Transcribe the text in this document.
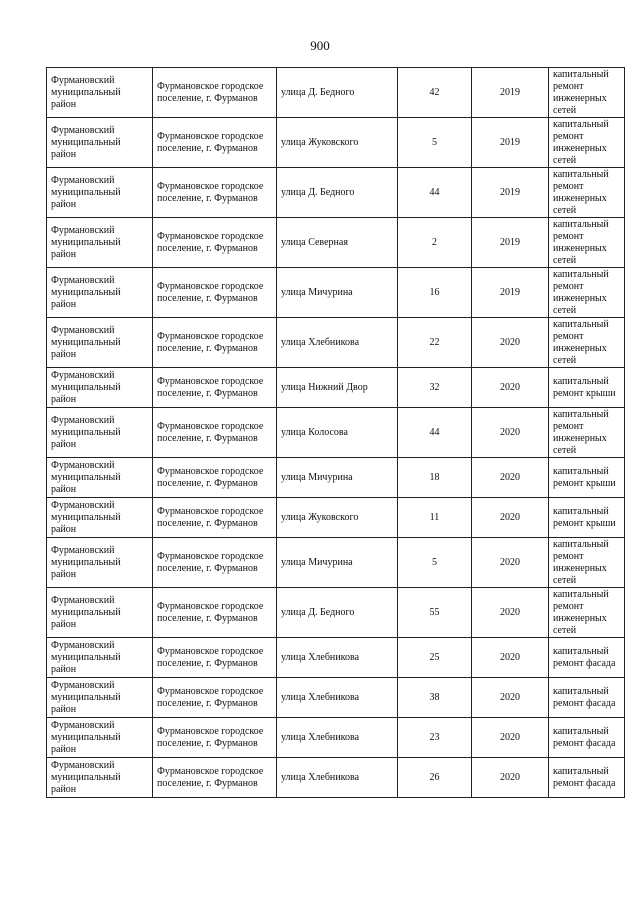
900
Фурмановский муниципальный район	Фурмановское городское поселение, г. Фурманов	улица Д. Бедного	42	2019	капитальный ремонт инженерных сетей
Фурмановский муниципальный район	Фурмановское городское поселение, г. Фурманов	улица Жуковского	5	2019	капитальный ремонт инженерных сетей
Фурмановский муниципальный район	Фурмановское городское поселение, г. Фурманов	улица Д. Бедного	44	2019	капитальный ремонт инженерных сетей
Фурмановский муниципальный район	Фурмановское городское поселение, г. Фурманов	улица Северная	2	2019	капитальный ремонт инженерных сетей
Фурмановский муниципальный район	Фурмановское городское поселение, г. Фурманов	улица Мичурина	16	2019	капитальный ремонт инженерных сетей
Фурмановский муниципальный район	Фурмановское городское поселение, г. Фурманов	улица Хлебникова	22	2020	капитальный ремонт инженерных сетей
Фурмановский муниципальный район	Фурмановское городское поселение, г. Фурманов	улица Нижний Двор	32	2020	капитальный ремонт крыши
Фурмановский муниципальный район	Фурмановское городское поселение, г. Фурманов	улица Колосова	44	2020	капитальный ремонт инженерных сетей
Фурмановский муниципальный район	Фурмановское городское поселение, г. Фурманов	улица Мичурина	18	2020	капитальный ремонт крыши
Фурмановский муниципальный район	Фурмановское городское поселение, г. Фурманов	улица Жуковского	11	2020	капитальный ремонт крыши
Фурмановский муниципальный район	Фурмановское городское поселение, г. Фурманов	улица Мичурина	5	2020	капитальный ремонт инженерных сетей
Фурмановский муниципальный район	Фурмановское городское поселение, г. Фурманов	улица Д. Бедного	55	2020	капитальный ремонт инженерных сетей
Фурмановский муниципальный район	Фурмановское городское поселение, г. Фурманов	улица Хлебникова	25	2020	капитальный ремонт фасада
Фурмановский муниципальный район	Фурмановское городское поселение, г. Фурманов	улица Хлебникова	38	2020	капитальный ремонт фасада
Фурмановский муниципальный район	Фурмановское городское поселение, г. Фурманов	улица Хлебникова	23	2020	капитальный ремонт фасада
Фурмановский муниципальный район	Фурмановское городское поселение, г. Фурманов	улица Хлебникова	26	2020	капитальный ремонт фасада
